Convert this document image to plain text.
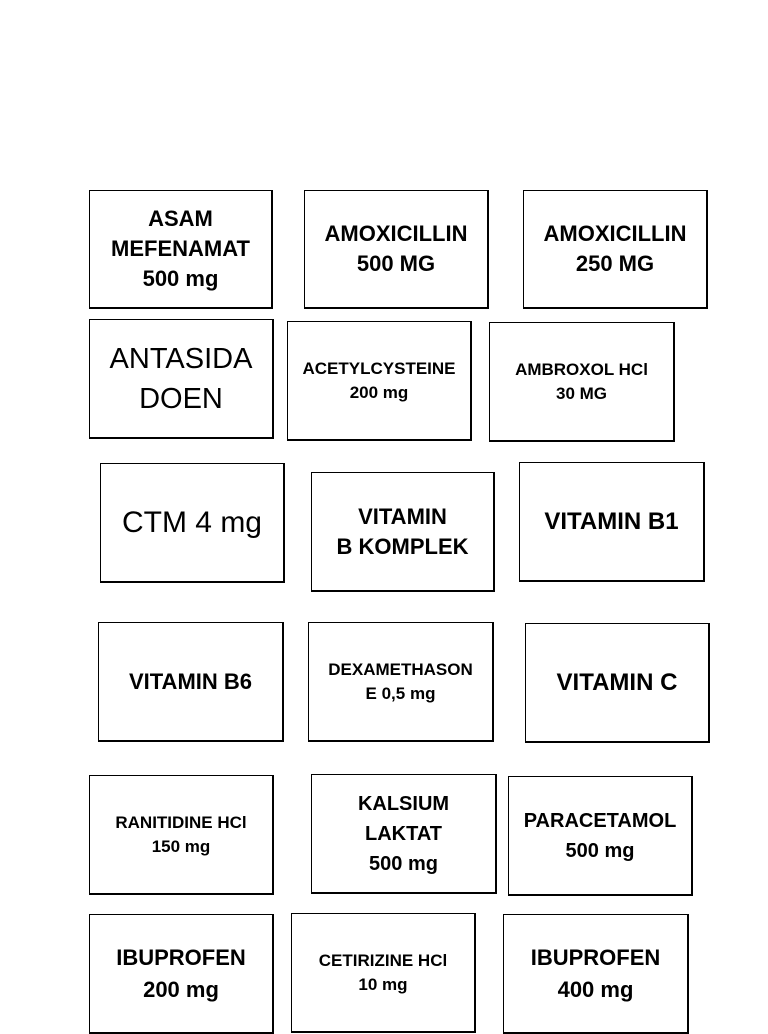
ASAM
MEFENAMAT
500 mg
AMOXICILLIN
500 MG
AMOXICILLIN
250 MG
ANTASIDA
DOEN
ACETYLCYSTEINE
200 mg
AMBROXOL HCl
30 MG
CTM 4 mg	VITAMIN
B KOMPLEK
VITAMIN B1
VITAMIN B6	DEXAMETHASON
E 0,5 mg	VITAMIN C
RANITIDINE HCl
150 mg
KALSIUM
LAKTAT
500 mg
PARACETAMOL
500 mg
IBUPROFEN
200 mg
CETIRIZINE HCl
10 mg
IBUPROFEN
400 mg
